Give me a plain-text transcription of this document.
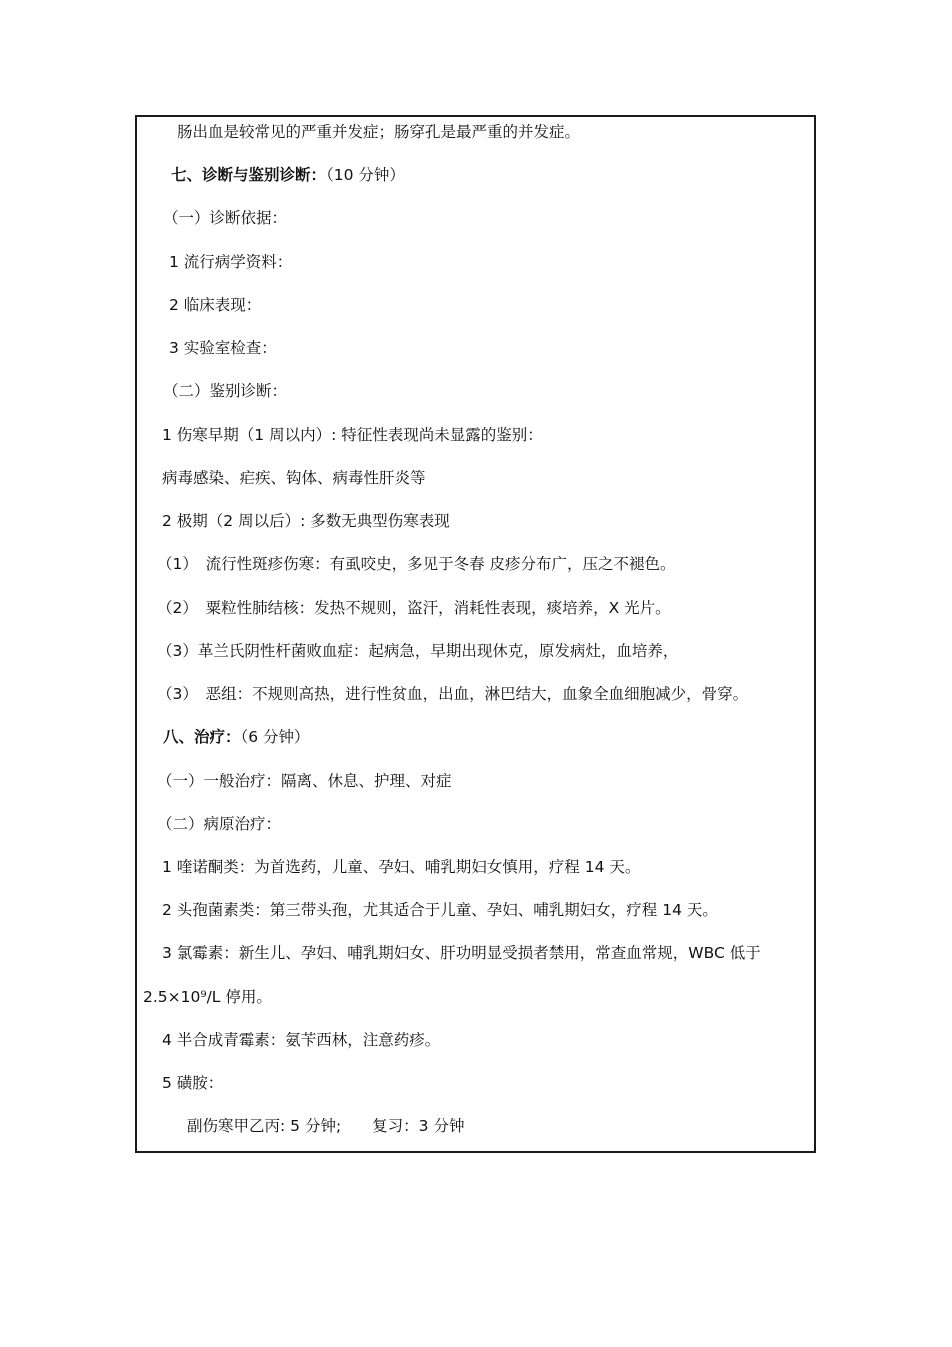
肠出血是较常见的严重并发症；肠穿孔是最严重的并发症。
七、诊断与鉴别诊断：（10 分钟）
（一）诊断依据：
1 流行病学资料：
2 临床表现：
3 实验室检查：
（二）鉴别诊断：
1 伤寒早期（1 周以内）: 特征性表现尚未显露的鉴别：
病毒感染、疟疾、钩体、病毒性肝炎等
2 极期（2 周以后）: 多数无典型伤寒表现
（1）　流行性斑疹伤寒：有虱咬史，多见于冬春 皮疹分布广，压之不褪色。
（2）　粟粒性肺结核：发热不规则，盗汗，消耗性表现，痰培养，X 光片。
（3）革兰氏阴性杆菌败血症：起病急，早期出现休克，原发病灶，血培养，
（3）　恶组：不规则高热，进行性贫血，出血，淋巴结大，血象全血细胞减少，骨穿。
八、治疗：（6 分钟）
（一）一般治疗：隔离、休息、护理、对症
（二）病原治疗：
1 喹诺酮类：为首选药，儿童、孕妇、哺乳期妇女慎用，疗程 14 天。
2 头孢菌素类：第三带头孢，尤其适合于儿童、孕妇、哺乳期妇女，疗程 14 天。
3 氯霉素：新生儿、孕妇、哺乳期妇女、肝功明显受损者禁用，常查血常规，WBC 低于
2.5×10⁹/L 停用。
4 半合成青霉素：氨苄西林，注意药疹。
5 磺胺：
副伤寒甲乙丙: 5 分钟;　　复习：3 分钟
